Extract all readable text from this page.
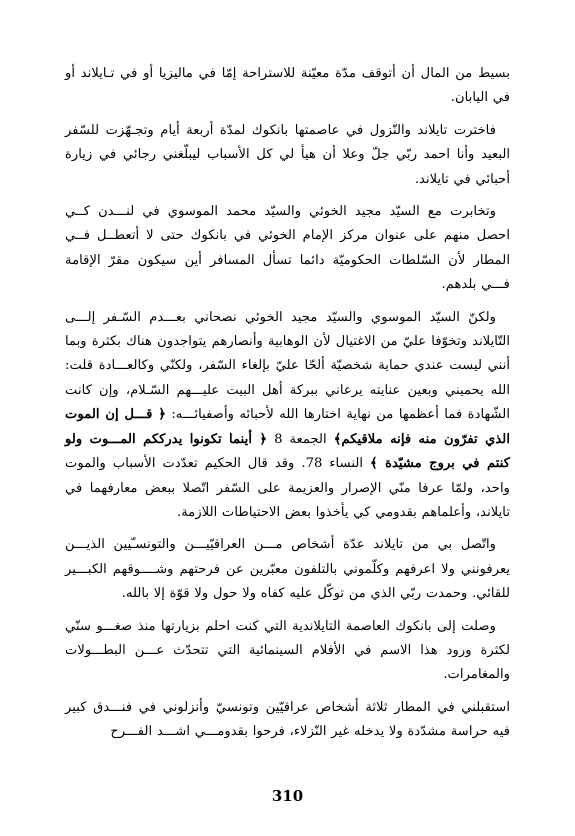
بسيط من المال أن أتوقف مدّة معيّنة للاستراحة إمّا في ماليزيا أو في تـايلاند أو في اليابان.

فاخترت تايلاند والنّزول في عاصمتها بانكوك لمدّة أربعة أيام وتجـهّزت للسّفر البعيد وأنا احمد ربّي جلّ وعلا أن هيأ لي كل الأسباب ليبلّغني رجائي في زيارة أحبائي في تايلاند.

وتخابرت مع السيّد مجيد الخوئي والسيّد محمد الموسوي في لنـــدن كــي احصل منهم على عنوان مركز الإمام الخوئي في بانكوك حتى لا أتعطــل فــي المطار لأن السّلطات الحكوميّة دائما تسأل المسافر أين سيكون مقرّ الإقامة فـــي بلدهم.

ولكنّ السيّد الموسوي والسيّد مجيد الخوئي نصحاني بعـــدم السّـفر إلـــى التّايلاند وتخوّفا عليّ من الاغتيال لأن الوهابية وأنصارهم يتواجدون هناك بكثرة وبما أنني ليست عندي حماية شخصيّة ألحّا عليّ بإلغاء السّفر، ولكنّي وكالعـــادة قلت: الله يحميني وبعين عنايته يرعاني ببركة أهل البيت عليـــهم السّـلام، وإن كانت الشّهادة فما أعظمها من نهاية اختارها الله لأحبائه وأصفيائـــه: ﴿ قـــل إن الموت الذي تفرّون منه فإنه ملاقيكم﴾ الجمعة 8 ﴿ أينما تكونوا يدرككم المـــوت ولو كنتم في بروج مشيّدة ﴾ النساء 78. وقد قال الحكيم تعدّدت الأسباب والموت واحد، ولمّا عرفا منّي الإصرار والعزيمة على السّفر اتّصلا ببعض معارفهما في تايلاند، وأعلماهم بقدومي كي يأخذوا بعض الاحتياطات اللازمة.

واتّصل بي من تايلاند عدّة أشخاص مـــن العراقيّيـــن والتونسـّيين الذيـــن يعرفونني ولا اعرفهم وكلّموني بالتلفون معبّرين عن فرحتهم وشــــوقهم الكبـــير للقائي. وحمدت ربّي الذي من توكّل عليه كفاه ولا حول ولا قوّة إلا بالله.

وصلت إلى بانكوك العاصمة التايلاندية التي كنت احلم بزيارتها منذ صغـــو سنّي لكثرة ورود هذا الاسم في الأفلام السينمائية التي تتحدّث عـــن البطـــولات والمغامرات.

استقبلني في المطار ثلاثة أشخاص عراقيّين وتونسيّ وأنزلوني في فنـــدق كبير فيه حراسة مشدّدة ولا يدخله غير النّزلاء، فرحوا بقدومـــي اشـــد الفـــرح

310
